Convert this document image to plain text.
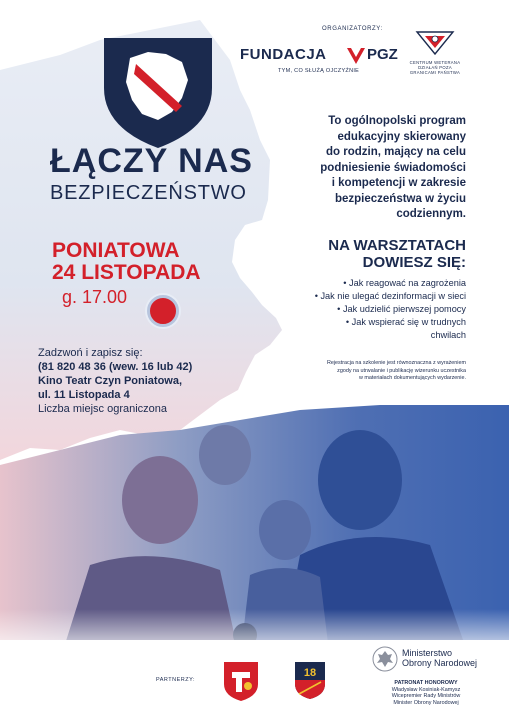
ORGANIZATORZY:
FUNDACJA	PGZ
TYM, CO SŁUŻĄ OJCZYŹNIE
CENTRUM WETERANA
DZIAŁAŃ POZA
GRANICAMI PAŃSTWA
ŁĄCZY NAS
BEZPIECZEŃSTWO
To ogólnopolski program
edukacyjny skierowany
do rodzin, mający na celu
podniesienie świadomości
i kompetencji w zakresie
bezpieczeństwa w życiu
codziennym.
PONIATOWA
24 LISTOPADA
g. 17.00
NA WARSZTATACH
DOWIESZ SIĘ:
• Jak reagować na zagrożenia
• Jak nie ulegać dezinformacji w sieci
• Jak udzielić pierwszej pomocy
• Jak wspierać się w trudnych
chwilach
Zadzwoń i zapisz się:
(81 820 48 36 (wew. 16 lub 42)
Kino Teatr Czyn Poniatowa,
ul. 11 Listopada 4
Rejestracja na szkolenie jest równoznaczna z wyrażeniem
zgody na utrwalanie i publikację wizerunku uczestnika
w materiałach dokumentujących wydarzenie.
PARTNERZY:
18
Ministerstwo
Obrony Narodowej
PATRONAT HONOROWY
Władysław Kosiniak-Kamysz
Wicepremier Rady Ministrów
Minister Obrony Narodowej
